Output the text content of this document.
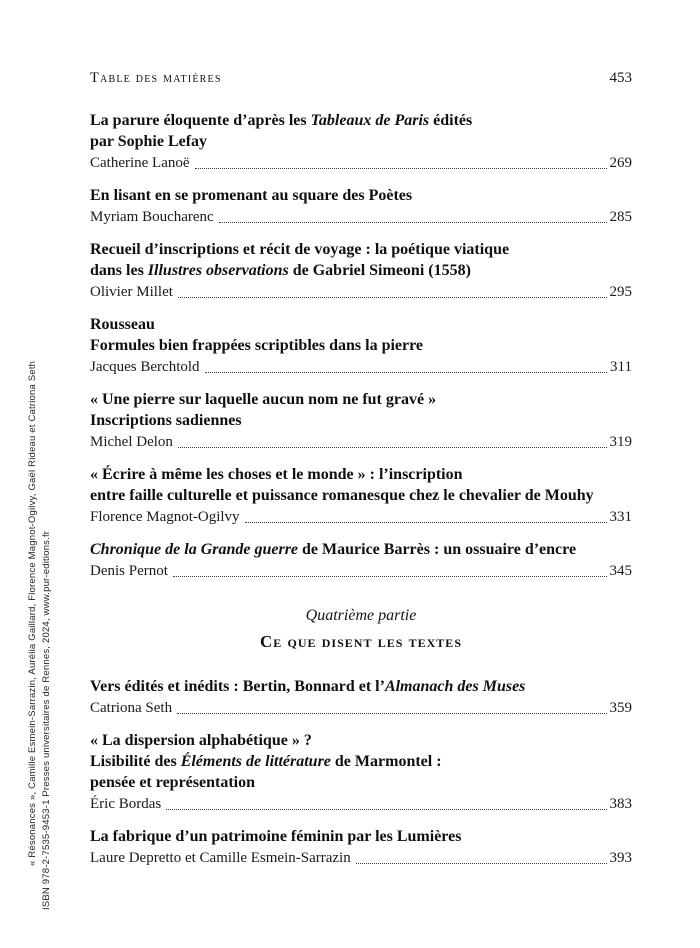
« Résonances », Camille Esmein-Sarrazin, Aurélia Gaillard, Florence Magnot-Ogilvy, Gaël Rideau et Catriona Seth ISBN 978-2-7535-9453-1 Presses universitaires de Rennes, 2024, www.pur-editions.fr
Table des matières	453
La parure éloquente d’après les Tableaux de Paris édités
par Sophie Lefay
Catherine Lanoë	269
En lisant en se promenant au square des Poètes
Myriam Boucharenc	285
Recueil d’inscriptions et récit de voyage : la poétique viatique
dans les Illustres observations de Gabriel Simeoni (1558)
Olivier Millet	295
Rousseau
Formules bien frappées scriptibles dans la pierre
Jacques Berchtold	311
« Une pierre sur laquelle aucun nom ne fut gravé »
Inscriptions sadiennes
Michel Delon	319
« Écrire à même les choses et le monde » : l’inscription
entre faille culturelle et puissance romanesque chez le chevalier de Mouhy
Florence Magnot-Ogilvy	331
Chronique de la Grande guerre de Maurice Barrès : un ossuaire d’encre
Denis Pernot	345
Quatrième partie
Ce que disent les textes
Vers édités et inédits : Bertin, Bonnard et l’Almanach des Muses
Catriona Seth	359
« La dispersion alphabétique » ?
Lisibilité des Éléments de littérature de Marmontel :
pensée et représentation
Éric Bordas	383
La fabrique d’un patrimoine féminin par les Lumières
Laure Depretto et Camille Esmein-Sarrazin	393
